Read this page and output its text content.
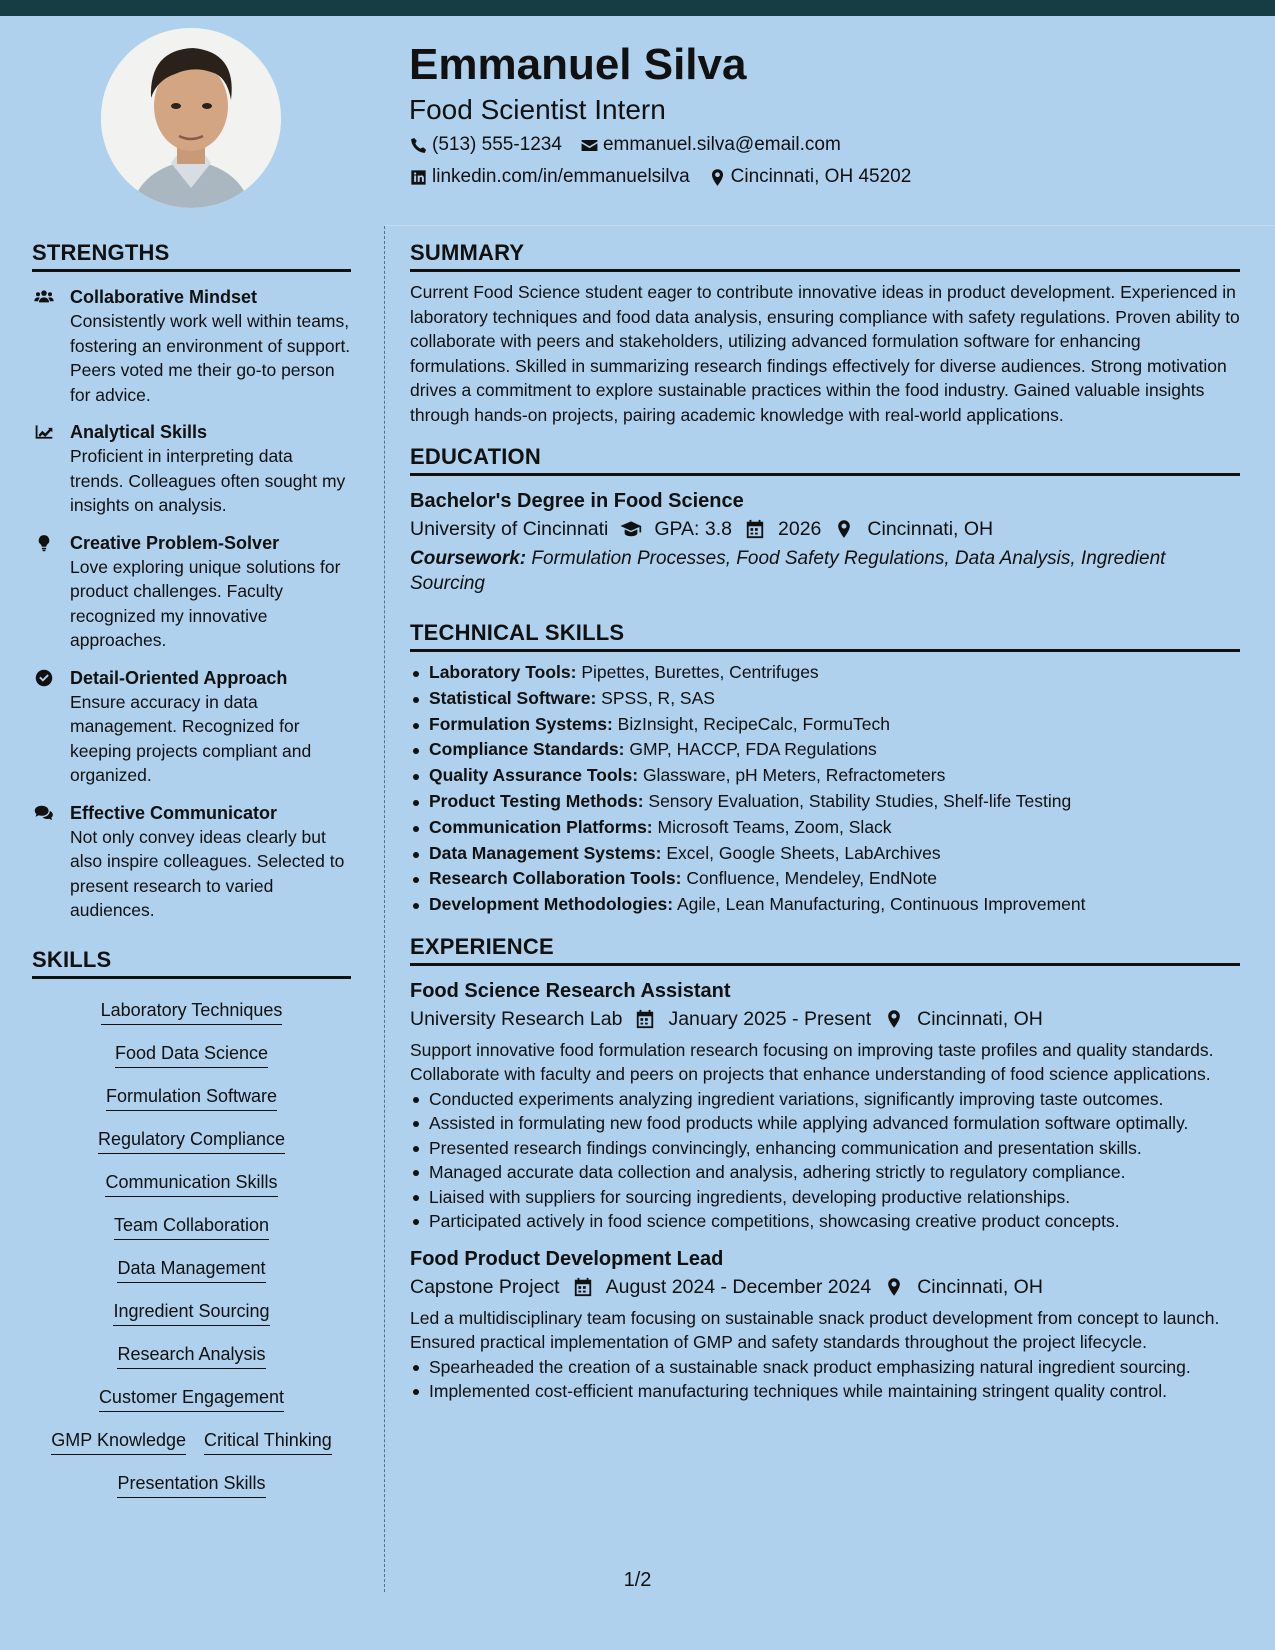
Emmanuel Silva
Food Scientist Intern
(513) 555-1234 emmanuel.silva@email.com
linkedin.com/in/emmanuelsilva Cincinnati, OH 45202
STRENGTHS
Collaborative Mindset
Consistently work well within teams, fostering an environment of support. Peers voted me their go-to person for advice.
Analytical Skills
Proficient in interpreting data trends. Colleagues often sought my insights on analysis.
Creative Problem-Solver
Love exploring unique solutions for product challenges. Faculty recognized my innovative approaches.
Detail-Oriented Approach
Ensure accuracy in data management. Recognized for keeping projects compliant and organized.
Effective Communicator
Not only convey ideas clearly but also inspire colleagues. Selected to present research to varied audiences.
SKILLS
Laboratory Techniques
Food Data Science
Formulation Software
Regulatory Compliance
Communication Skills
Team Collaboration
Data Management
Ingredient Sourcing
Research Analysis
Customer Engagement
GMP Knowledge Critical Thinking
Presentation Skills
SUMMARY
Current Food Science student eager to contribute innovative ideas in product development. Experienced in laboratory techniques and food data analysis, ensuring compliance with safety regulations. Proven ability to collaborate with peers and stakeholders, utilizing advanced formulation software for enhancing formulations. Skilled in summarizing research findings effectively for diverse audiences. Strong motivation drives a commitment to explore sustainable practices within the food industry. Gained valuable insights through hands-on projects, pairing academic knowledge with real-world applications.
EDUCATION
Bachelor's Degree in Food Science
University of Cincinnati GPA: 3.8 2026 Cincinnati, OH
Coursework: Formulation Processes, Food Safety Regulations, Data Analysis, Ingredient Sourcing
TECHNICAL SKILLS
Laboratory Tools: Pipettes, Burettes, Centrifuges
Statistical Software: SPSS, R, SAS
Formulation Systems: BizInsight, RecipeCalc, FormuTech
Compliance Standards: GMP, HACCP, FDA Regulations
Quality Assurance Tools: Glassware, pH Meters, Refractometers
Product Testing Methods: Sensory Evaluation, Stability Studies, Shelf-life Testing
Communication Platforms: Microsoft Teams, Zoom, Slack
Data Management Systems: Excel, Google Sheets, LabArchives
Research Collaboration Tools: Confluence, Mendeley, EndNote
Development Methodologies: Agile, Lean Manufacturing, Continuous Improvement
EXPERIENCE
Food Science Research Assistant
University Research Lab January 2025 - Present Cincinnati, OH
Support innovative food formulation research focusing on improving taste profiles and quality standards. Collaborate with faculty and peers on projects that enhance understanding of food science applications.
Conducted experiments analyzing ingredient variations, significantly improving taste outcomes.
Assisted in formulating new food products while applying advanced formulation software optimally.
Presented research findings convincingly, enhancing communication and presentation skills.
Managed accurate data collection and analysis, adhering strictly to regulatory compliance.
Liaised with suppliers for sourcing ingredients, developing productive relationships.
Participated actively in food science competitions, showcasing creative product concepts.
Food Product Development Lead
Capstone Project August 2024 - December 2024 Cincinnati, OH
Led a multidisciplinary team focusing on sustainable snack product development from concept to launch. Ensured practical implementation of GMP and safety standards throughout the project lifecycle.
Spearheaded the creation of a sustainable snack product emphasizing natural ingredient sourcing.
Implemented cost-efficient manufacturing techniques while maintaining stringent quality control.
1/2
